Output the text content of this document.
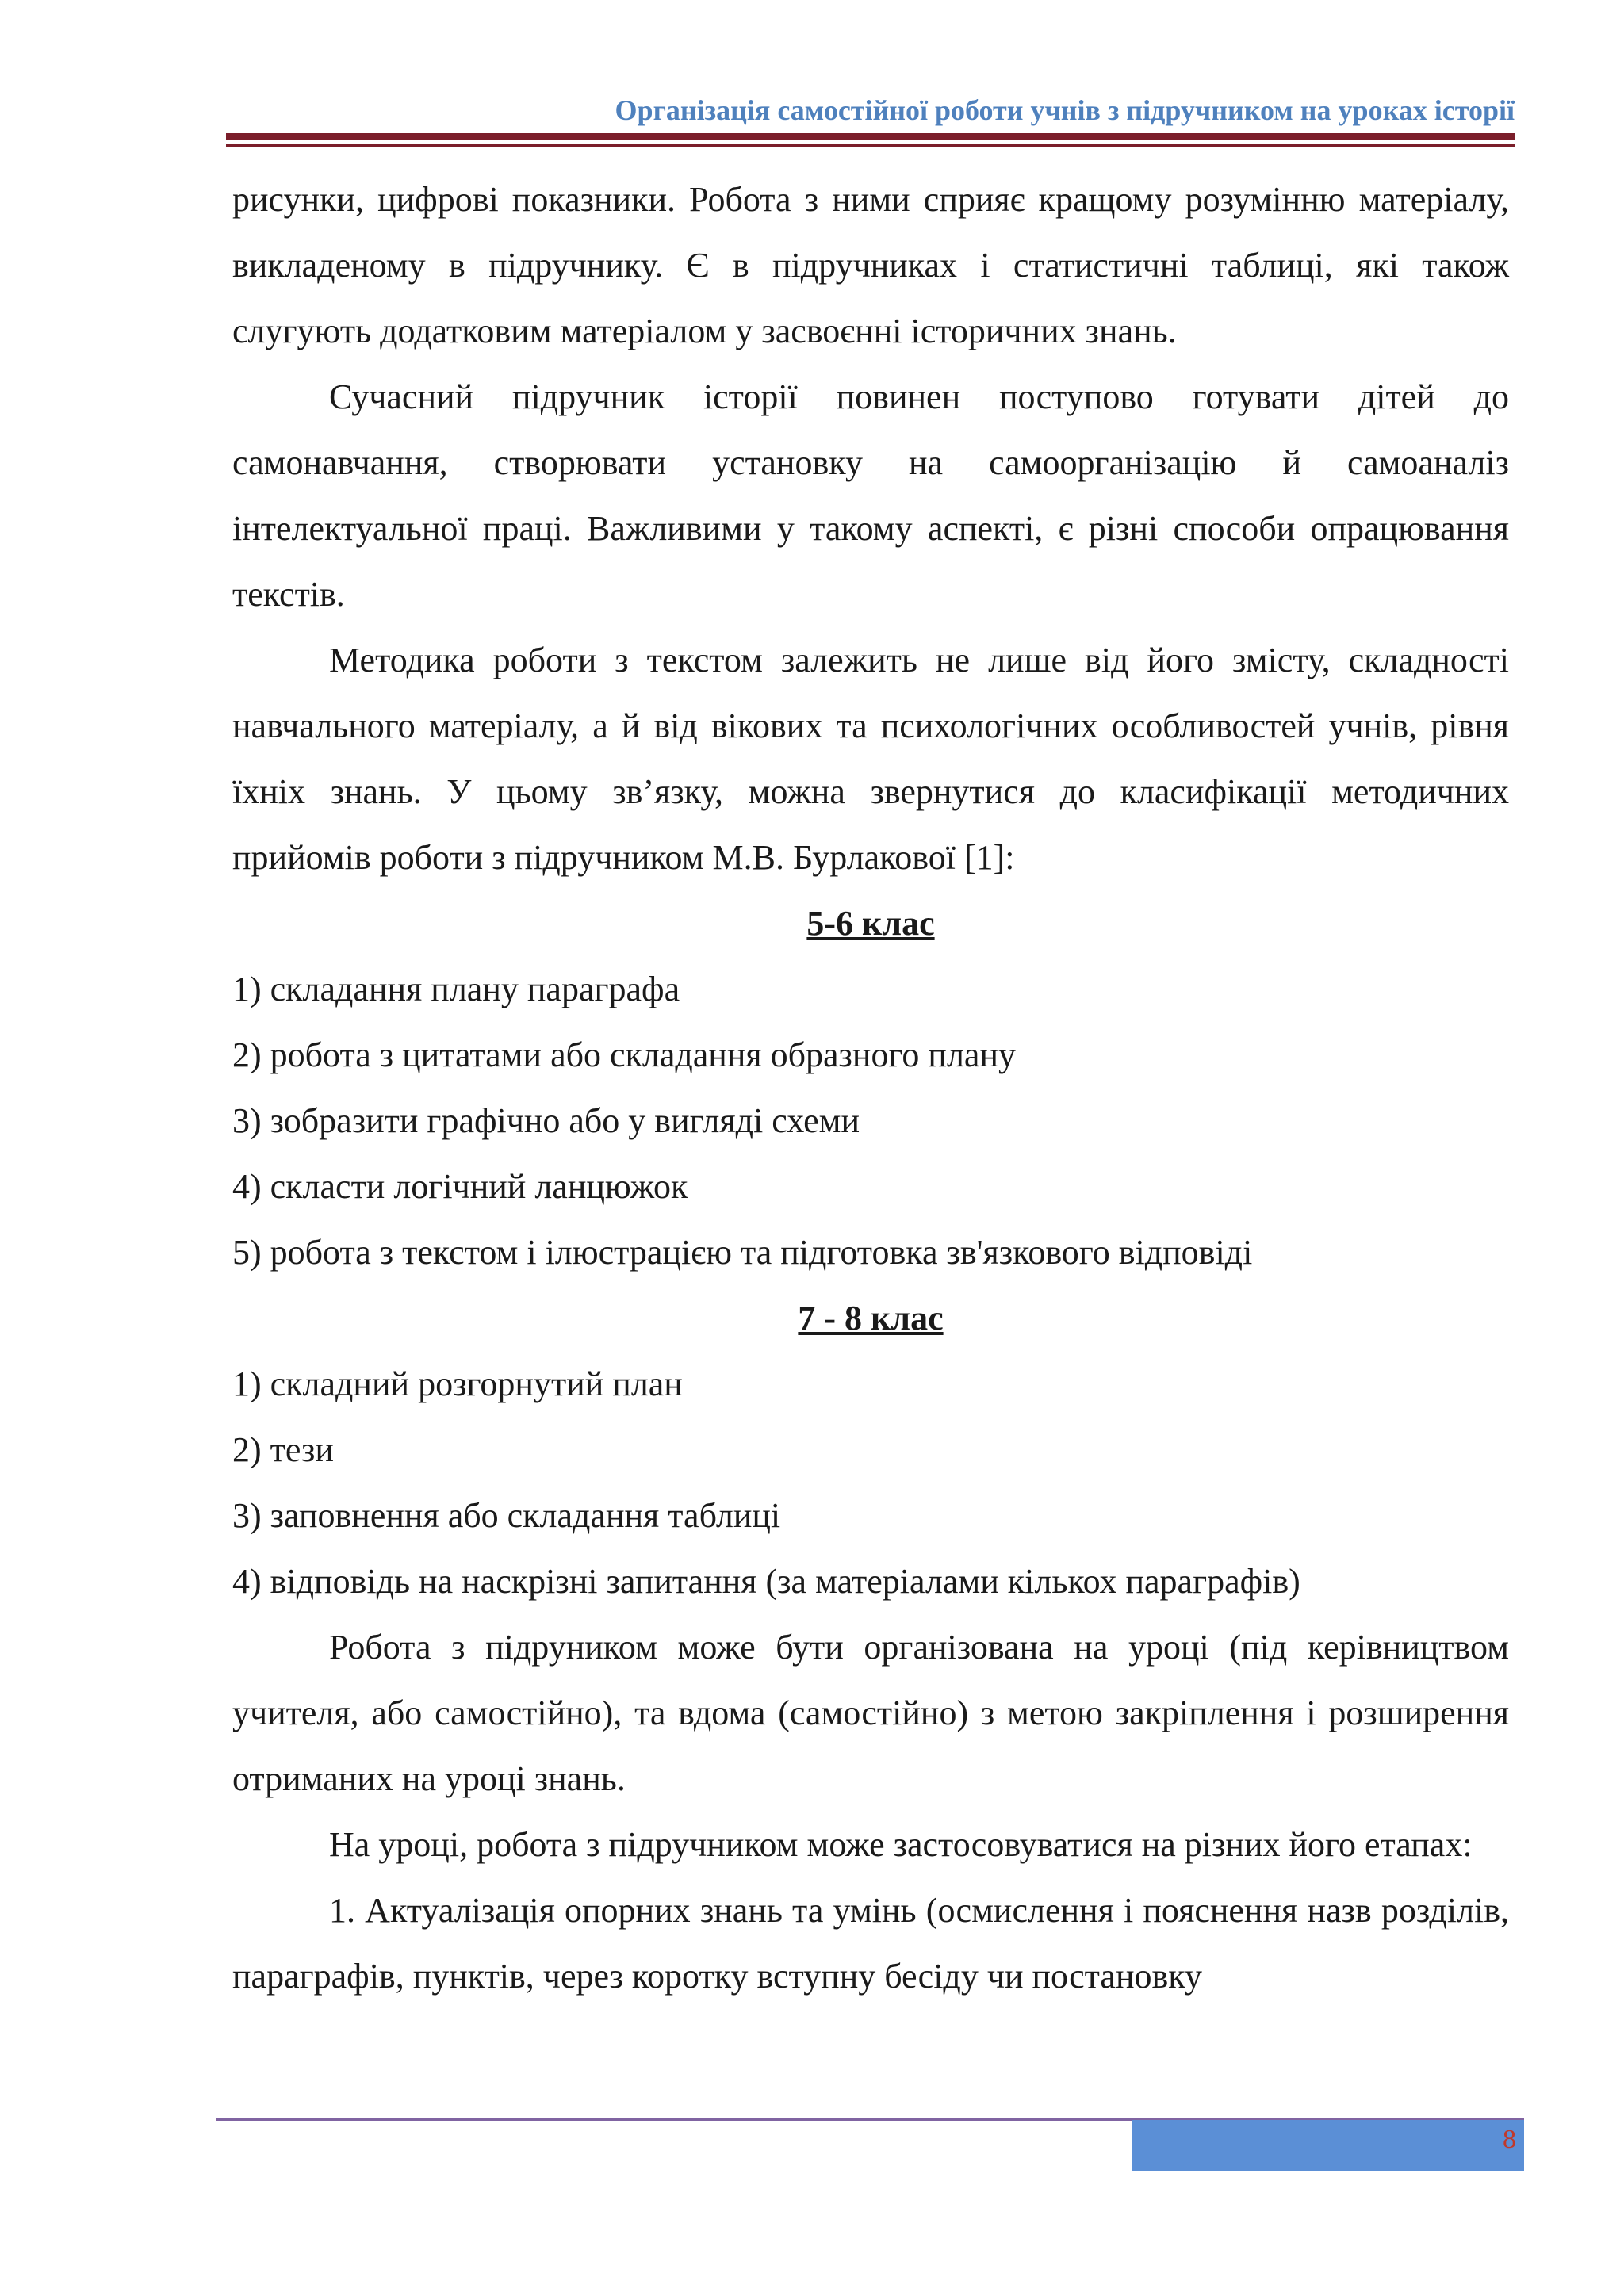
Організація самостійної роботи учнів з підручником на уроках історії

рисунки, цифрові показники. Робота з ними сприяє кращому розумінню матеріалу, викладеному в підручнику. Є в підручниках і статистичні таблиці, які також слугують додатковим матеріалом у засвоєнні історичних знань.

Сучасний підручник історії повинен поступово готувати дітей до самонавчання, створювати установку на самоорганізацію й самоаналіз інтелектуальної праці. Важливими у такому аспекті, є різні способи опрацювання текстів.

Методика роботи з текстом залежить не лише від його змісту, складності навчального матеріалу, а й від вікових та психологічних особливостей учнів, рівня їхніх знань. У цьому зв’язку, можна звернутися до класифікації методичних прийомів роботи з підручником М.В. Бурлакової [1]:

5-6 клас

1) складання плану параграфа

2) робота з цитатами або складання образного плану

3) зобразити графічно або у вигляді схеми

4) скласти логічний ланцюжок

5) робота з текстом і ілюстрацією та підготовка зв'язкового відповіді

7 - 8 клас

1) складний розгорнутий план

2) тези

3) заповнення або складання таблиці

4) відповідь на наскрізні запитання (за матеріалами кількох параграфів)

Робота з підруником може бути організована на уроці (під керівництвом учителя, або самостійно), та вдома (самостійно) з метою закріплення і розширення отриманих на уроці знань.

На уроці, робота з підручником може застосовуватися на різних його етапах:

1. Актуалізація опорних знань та умінь (осмислення і пояснення назв розділів, параграфів, пунктів, через коротку вступну бесіду чи постановку

8
